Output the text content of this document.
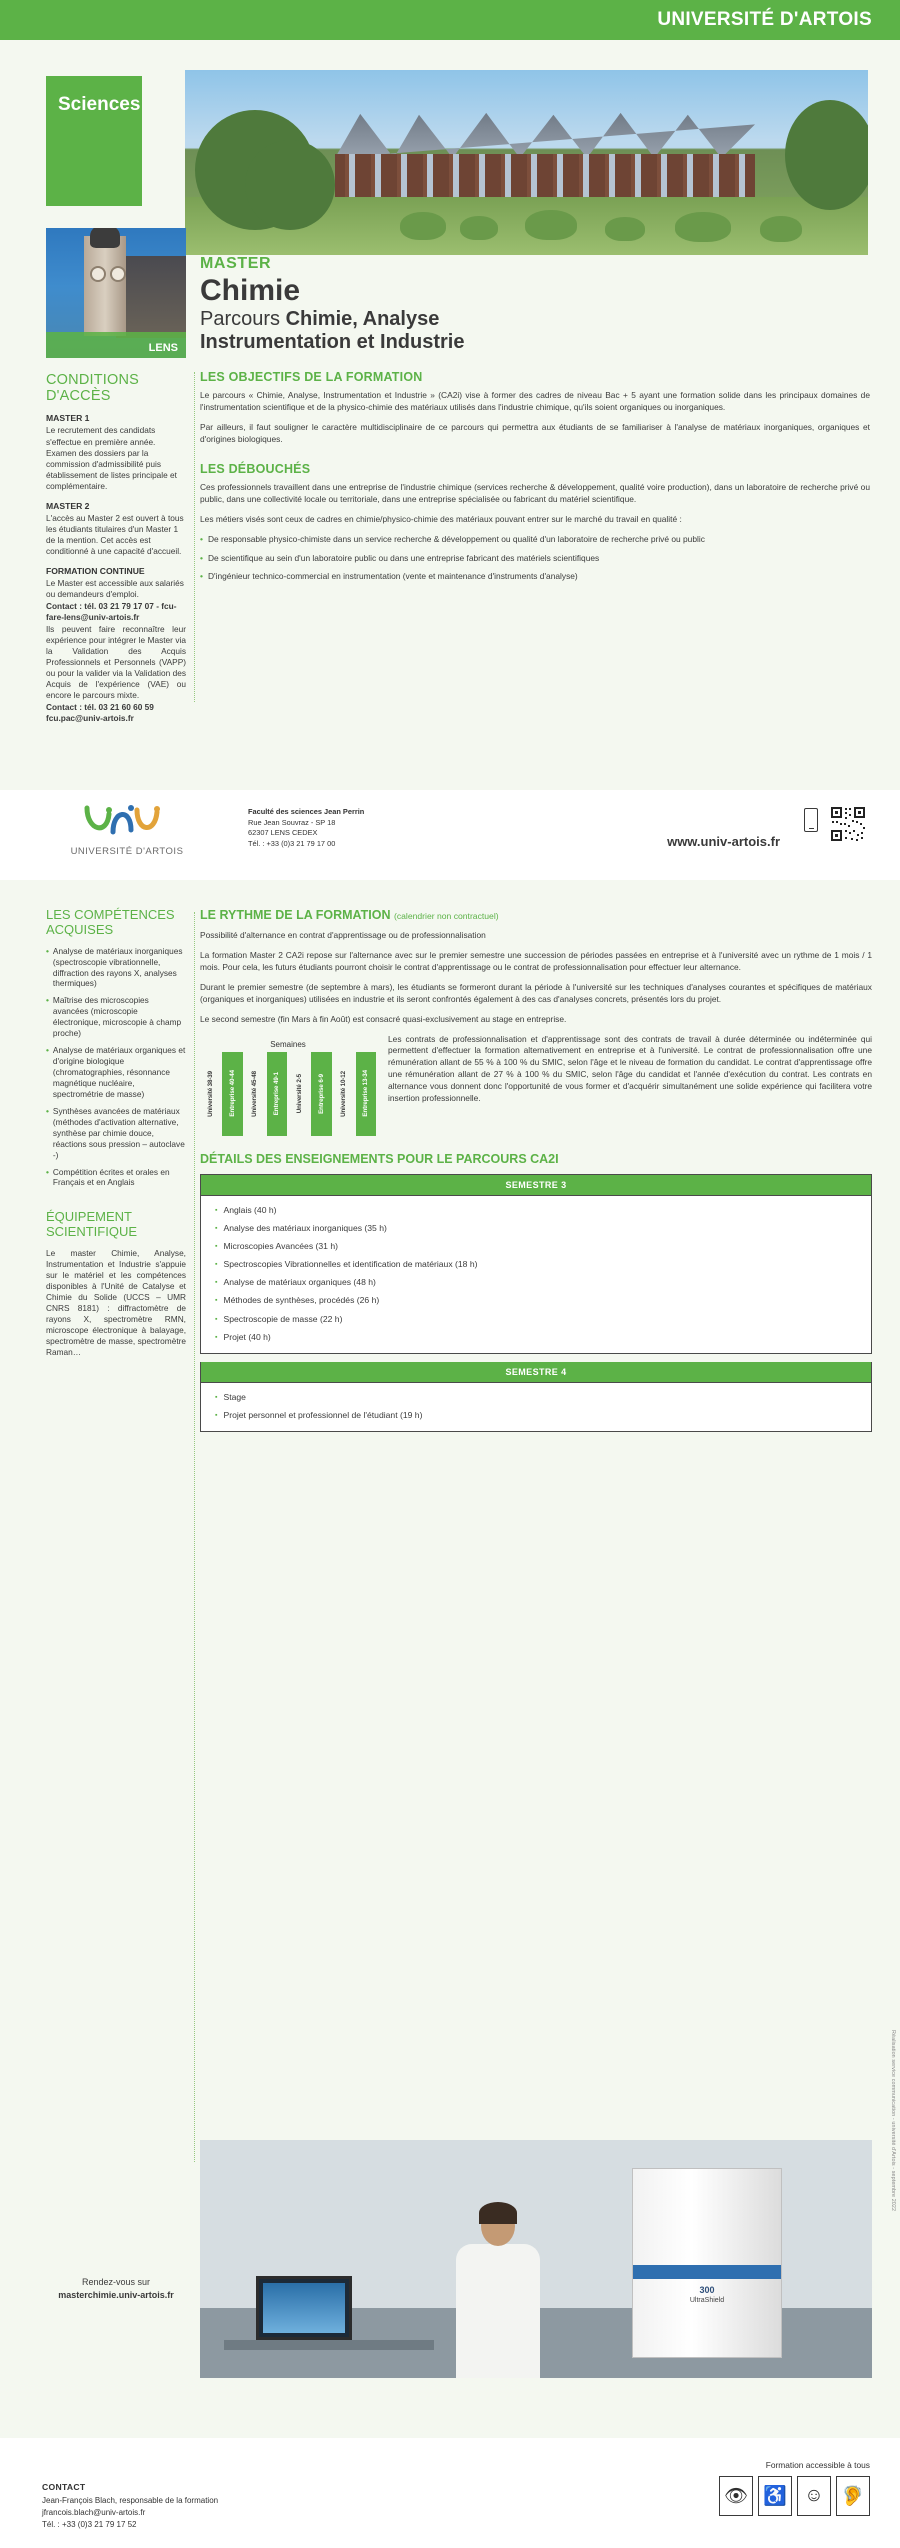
UNIVERSITÉ D'ARTOIS
Sciences
LENS
CONDITIONS
D'ACCÈS
MASTER 1

Le recrutement des candidats s'effectue en première année. Examen des dossiers par la commission d'admissibilité puis établissement de listes principale et complémentaire.

MASTER 2

L'accès au Master 2 est ouvert à tous les étudiants titulaires d'un Master 1 de la mention. Cet accès est conditionné à une capacité d'accueil.

FORMATION CONTINUE

Le Master est accessible aux salariés ou demandeurs d'emploi.

Contact : tél. 03 21 79 17 07 - fcu-fare-lens@univ-artois.fr

Ils peuvent faire reconnaître leur expérience pour intégrer le Master via la Validation des Acquis Professionnels et Personnels (VAPP) ou pour la valider via la Validation des Acquis de l'expérience (VAE) ou encore le parcours mixte.

Contact : tél. 03 21 60 60 59 fcu.pac@univ-artois.fr

MASTER
Chimie
Parcours Chimie, Analyse
Instrumentation et Industrie
LES OBJECTIFS DE LA FORMATION
Le parcours « Chimie, Analyse, Instrumentation et Industrie » (CA2i) vise à former des cadres de niveau Bac + 5 ayant une formation solide dans les principaux domaines de l'instrumentation scientifique et de la physico-chimie des matériaux utilisés dans l'industrie chimique, qu'ils soient organiques ou inorganiques.
Par ailleurs, il faut souligner le caractère multidisciplinaire de ce parcours qui permettra aux étudiants de se familiariser à l'analyse de matériaux inorganiques, organiques et d'origines biologiques.
LES DÉBOUCHÉS
Ces professionnels travaillent dans une entreprise de l'industrie chimique (services recherche & développement, qualité voire production), dans un laboratoire de recherche privé ou public, dans une collectivité locale ou territoriale, dans une entreprise spécialisée ou fabricant du matériel scientifique.
Les métiers visés sont ceux de cadres en chimie/physico-chimie des matériaux pouvant entrer sur le marché du travail en qualité :
• De responsable physico-chimiste dans un service recherche & développement ou qualité d'un laboratoire de recherche privé ou public
• De scientifique au sein d'un laboratoire public ou dans une entreprise fabricant des matériels scientifiques
• D'ingénieur technico-commercial en instrumentation (vente et maintenance d'instruments d'analyse)
UNIVERSITÉ D'ARTOIS
Faculté des sciences Jean Perrin
Rue Jean Souvraz - SP 18
62307 LENS CEDEX
Tél. : +33 (0)3 21 79 17 00	www.univ-artois.fr
LES COMPÉTENCES
ACQUISES
• Analyse de matériaux inorganiques (spectroscopie vibrationnelle, diffraction des rayons X, analyses thermiques)
• Maîtrise des microscopies avancées (microscopie électronique, microscopie à champ proche)
• Analyse de matériaux organiques et d'origine biologique (chromatographies, résonnance magnétique nucléaire, spectrométrie de masse)
• Synthèses avancées de matériaux (méthodes d'activation alternative, synthèse par chimie douce, réactions sous pression – autoclave -)
• Compétition écrites et orales en Français et en Anglais
ÉQUIPEMENT
SCIENTIFIQUE

Le master Chimie, Analyse, Instrumentation et Industrie s'appuie sur le matériel et les compétences disponibles à l'Unité de Catalyse et Chimie du Solide (UCCS – UMR CNRS 8181) : diffractomètre de rayons X, spectromètre RMN, microscope électronique à balayage, spectromètre de masse, spectromètre Raman…

LE RYTHME DE LA FORMATION (calendrier non contractuel)
Possibilité d'alternance en contrat d'apprentissage ou de professionnalisation
La formation Master 2 CA2i repose sur l'alternance avec sur le premier semestre une succession de périodes passées en entreprise et à l'université avec un rythme de 1 mois / 1 mois. Pour cela, les futurs étudiants pourront choisir le contrat d'apprentissage ou le contrat de professionnalisation pour effectuer leur alternance.
Durant le premier semestre (de septembre à mars), les étudiants se formeront durant la période à l'université sur les techniques d'analyses courantes et spécifiques de matériaux (organiques et inorganiques) utilisées en industrie et ils seront confrontés également à des cas d'analyses concrets, présentés lors du projet.
Le second semestre (fin Mars à fin Août) est consacré quasi-exclusivement au stage en entreprise.
Semaines
Université 38-39 Entreprise 40-44 Université 45-48 Entreprise 49-1 Université 2-5 Entreprise 6-9 Université 10-12 Entreprise 13-34
Les contrats de professionnalisation et d'apprentissage sont des contrats de travail à durée déterminée ou indéterminée qui permettent d'effectuer la formation alternativement en entreprise et à l'université. Le contrat de professionnalisation offre une rémunération allant de 55 % à 100 % du SMIC, selon l'âge et le niveau de formation du candidat. Le contrat d'apprentissage offre une rémunération allant de 27 % à 100 % du SMIC, selon l'âge du candidat et l'année d'exécution du contrat. Les contrats en alternance vous donnent donc l'opportunité de vous former et d'acquérir simultanément une solide expérience qui facilitera votre insertion professionnelle.
DÉTAILS DES ENSEIGNEMENTS POUR LE PARCOURS CA2I
SEMESTRE 3
▪ Anglais (40 h)
▪ Analyse des matériaux inorganiques (35 h)
▪ Microscopies Avancées (31 h)
▪ Spectroscopies Vibrationnelles et identification de matériaux (18 h)
▪ Analyse de matériaux organiques (48 h)
▪ Méthodes de synthèses, procédés (26 h)
▪ Spectroscopie de masse (22 h)
▪ Projet (40 h)
SEMESTRE 4
▪ Stage
▪ Projet personnel et professionnel de l'étudiant (19 h)
300
UltraShield
Rendez-vous sur
masterchimie.univ-artois.fr
Réalisation service communication - université d'Artois - septembre 2022
CONTACT
Jean-François Blach, responsable de la formation
jfrancois.blach@univ-artois.fr
Tél. : +33 (0)3 21 79 17 52
Formation accessible à tous
👁 ♿ ☺ 🦻
